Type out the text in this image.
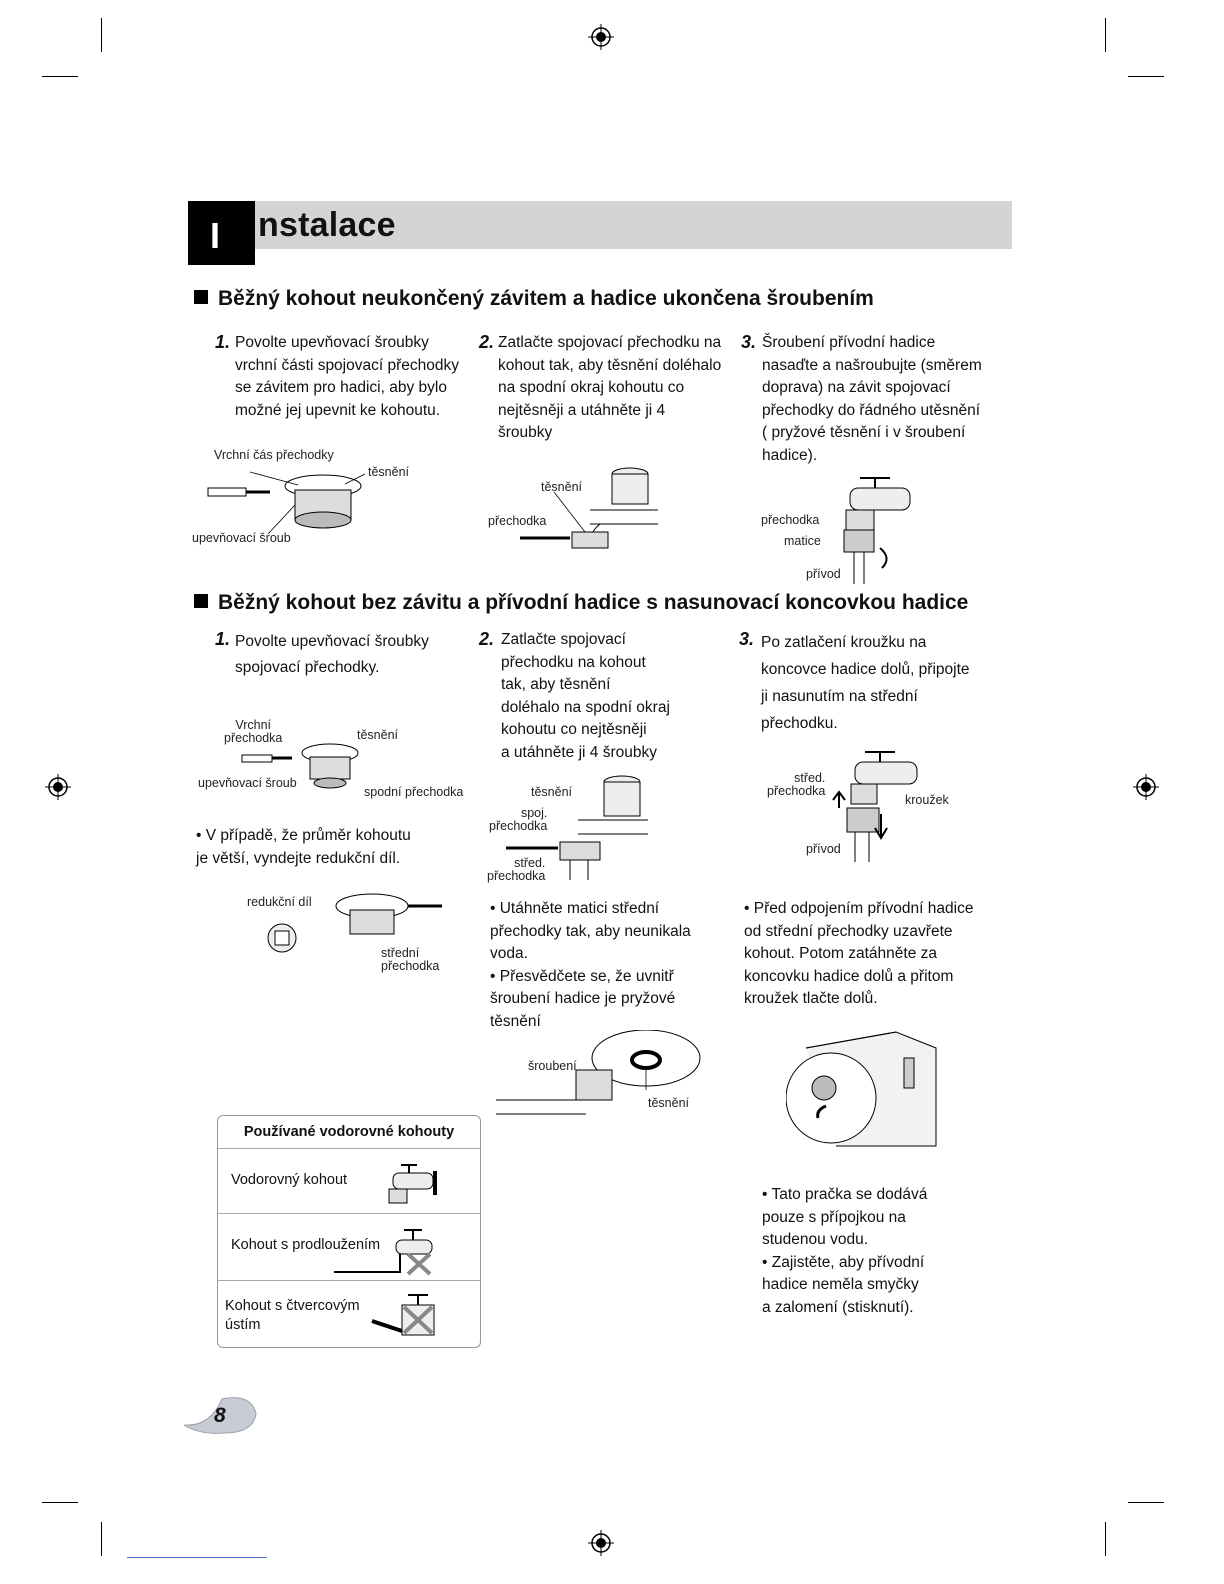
I nstalace
Běžný kohout neukončený závitem a hadice ukončena šroubením
1. Povolte upevňovací šroubky
vrchní části spojovací přechodky
se závitem pro hadici, aby bylo
možné jej upevnit ke kohoutu.
2. Zatlačte spojovací přechodku na
kohout tak, aby těsnění doléhalo
na spodní okraj kohoutu co
nejtěsněji a utáhněte ji 4
šroubky
3. Šroubení přívodní hadice
nasaďte a našroubujte (směrem
doprava) na závit spojovací
přechodky do řádného utěsnění
( pryžové těsnění i v šroubení
hadice).
Vrchní čás přechodky
těsnění
upevňovací šroub
těsnění
přechodka	přechodka
matice
přívod
Běžný kohout bez závitu a přívodní hadice s nasunovací koncovkou hadice
1. Povolte upevňovací šroubky
spojovací přechodky.
2. Zatlačte spojovací
přechodku na kohout
tak, aby těsnění
doléhalo na spodní okraj
kohoutu co nejtěsněji
a utáhněte ji 4 šroubky
3. Po zatlačení kroužku na
koncovce hadice dolů, připojte
ji nasunutím na střední
přechodku.
Vrchní
přechodka	těsnění
upevňovací šroub
spodní přechodka
• V případě, že průměr kohoutu
je větší, vyndejte redukční díl.
redukční díl
střední
přechodka
těsnění
spoj.
přechodka
střed.
přechodka
střed.
přechodka
kroužek
přívod
• Utáhněte matici střední
přechodky tak, aby neunikala
voda.
• Přesvědčete se, že uvnitř
šroubení hadice je pryžové
těsnění
• Před odpojením přívodní hadice
od střední přechodky uzavřete
kohout. Potom zatáhněte za
koncovku hadice dolů a přitom
kroužek tlačte dolů.
šroubení
těsnění
• Tato pračka se dodává
pouze s přípojkou na
studenou vodu.
• Zajistěte, aby přívodní
hadice neměla smyčky
a zalomení (stisknutí).
Používané vodorovné kohouty
Vodorovný kohout
Kohout s prodloužením
Kohout s čtvercovým
ústím
8
